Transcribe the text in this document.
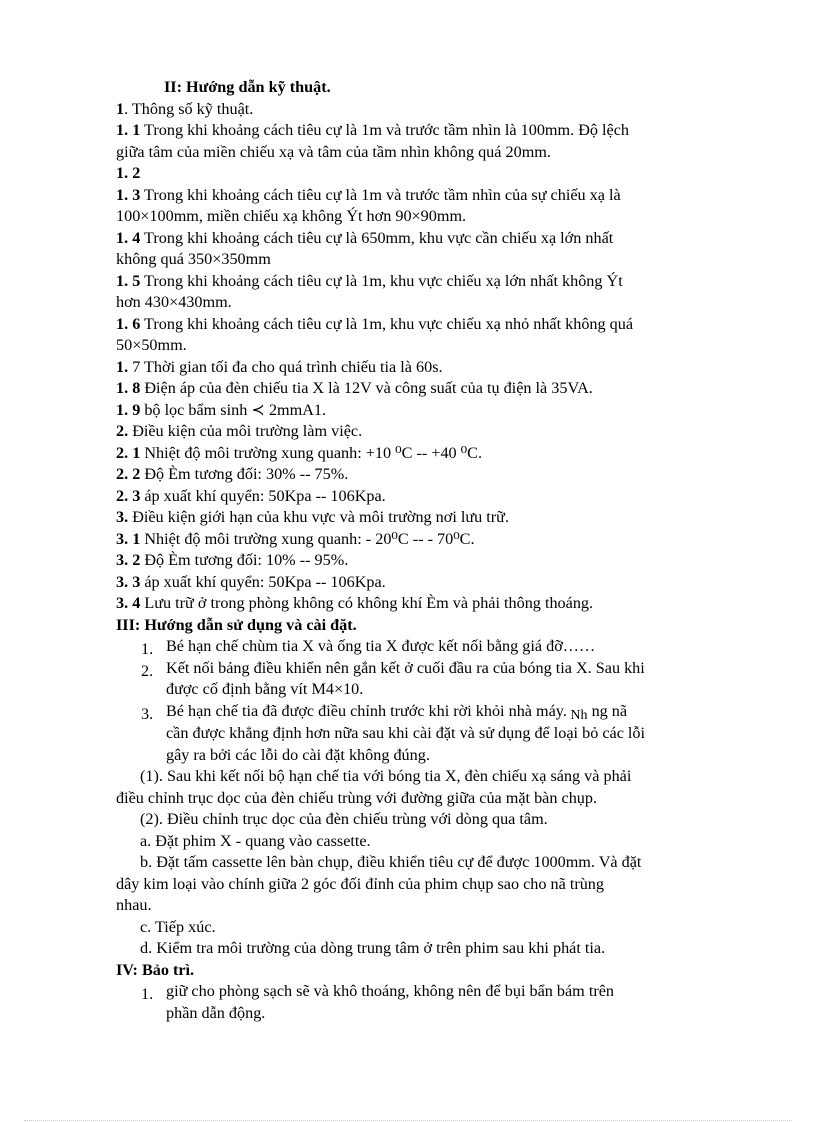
II: Hướng dẫn kỹ thuật.
1. Thông số kỹ thuật.
1. 1 Trong khi khoảng cách tiêu cự là 1m và trước tầm nhìn là 100mm. Độ lệch
giữa tâm của miền chiếu xạ và tâm của tầm nhìn không quá 20mm.
1. 2
1. 3 Trong khi khoảng cách tiêu cự là 1m và trước tầm nhìn của sự chiếu xạ là
100×100mm, miền chiếu xạ không Ýt hơn 90×90mm.
1. 4 Trong khi khoảng cách tiêu cự là 650mm, khu vực cần chiếu xạ lớn nhất
không quá 350×350mm
1. 5 Trong khi khoảng cách tiêu cự là 1m, khu vực chiếu xạ lớn nhất không Ýt
hơn 430×430mm.
1. 6 Trong khi khoảng cách tiêu cự là 1m, khu vực chiếu xạ nhỏ nhất không quá
50×50mm.
1. 7 Thời gian tối đa cho quá trình chiếu tia là 60s.
1. 8 Điện áp của đèn chiếu tia X là 12V và công suất của tụ điện là 35VA.
1. 9 bộ lọc bẩm sinh ≺ 2mmA1.
2. Điều kiện của môi trường làm việc.
2. 1 Nhiệt độ môi trường xung quanh: +10 ⁰C -- +40 ⁰C.
2. 2 Độ Èm tương đối: 30% -- 75%.
2. 3 áp xuất khí quyển: 50Kpa -- 106Kpa.
3. Điều kiện giới hạn của khu vực và môi trường nơi lưu trữ.
3. 1 Nhiệt độ môi trường xung quanh: - 20⁰C -- - 70⁰C.
3. 2 Độ Èm tương đối: 10% -- 95%.
3. 3 áp xuất khí quyển: 50Kpa -- 106Kpa.
3. 4 Lưu trữ ở trong phòng không có không khí Èm và phải thông thoáng.
III: Hướng dẫn sử dụng và cài đặt.
1. Bé hạn chế chùm tia X và ống tia X được kết nối bằng giá đỡ……
2. Kết nối bảng điều khiển nên gắn kết ở cuối đầu ra của bóng tia X. Sau khi
được cố định bằng vít M4×10.
3. Bé hạn chế tia đã được điều chỉnh trước khi rời khỏi nhà máy. Nh ng nã
cần được khẳng định hơn nữa sau khi cài đặt và sử dụng để loại bỏ các lỗi
gây ra bởi các lỗi do cài đặt không đúng.
(1). Sau khi kết nối bộ hạn chế tia với bóng tia X, đèn chiếu xạ sáng và phải
điều chỉnh trục dọc của đèn chiếu trùng với đường giữa của mặt bàn chụp.
(2). Điều chỉnh trục dọc của đèn chiếu trùng với dòng qua tâm.
a. Đặt phim X - quang vào cassette.
b. Đặt tấm cassette lên bàn chụp, điều khiển tiêu cự để được 1000mm. Và đặt
dây kim loại vào chính giữa 2 góc đối đỉnh của phim chụp sao cho nã trùng
nhau.
c. Tiếp xúc.
d. Kiểm tra môi trường của dòng trung tâm ở trên phim sau khi phát tia.
IV: Bảo trì.
1. giữ cho phòng sạch sẽ và khô thoáng, không nên để bụi bẩn bám trên
phần dẫn động.
